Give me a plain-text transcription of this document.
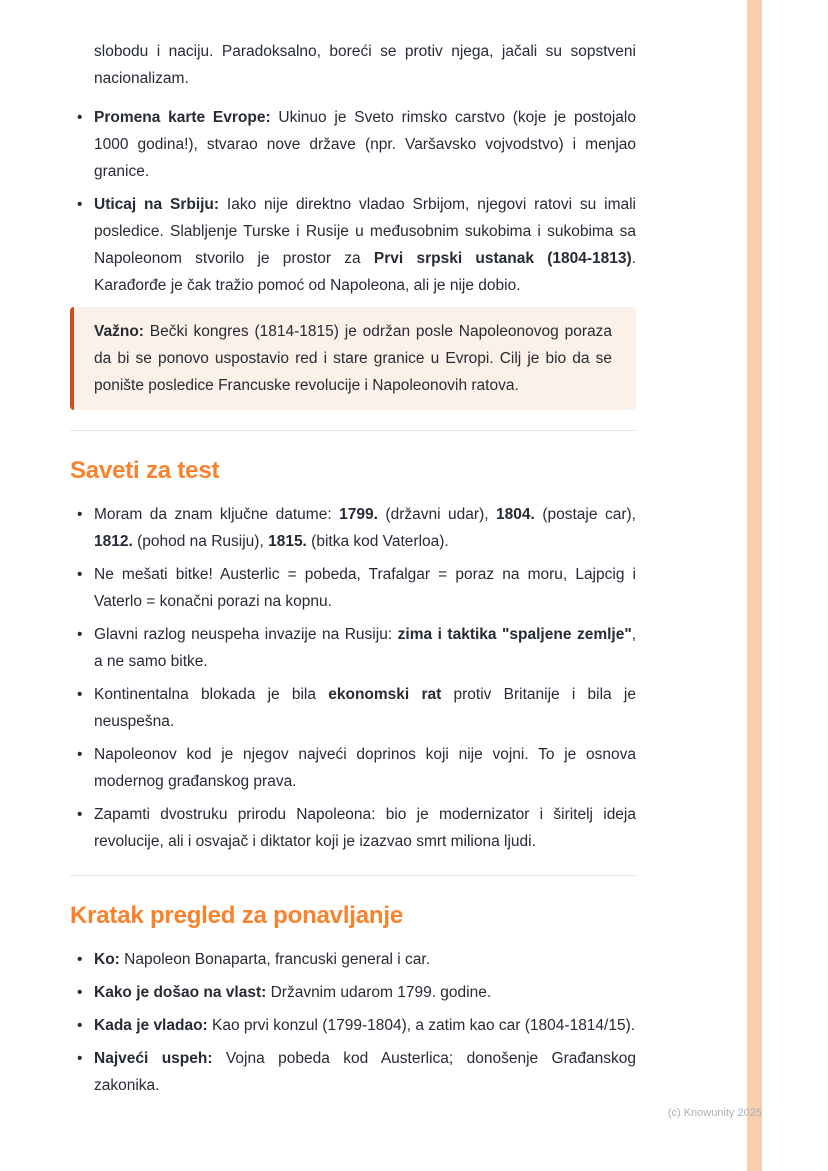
slobodu i naciju. Paradoksalno, boreći se protiv njega, jačali su sopstveni nacionalizam.

• Promena karte Evrope: Ukinuo je Sveto rimsko carstvo (koje je postojalo 1000 godina!), stvarao nove države (npr. Varšavsko vojvodstvo) i menjao granice.
• Uticaj na Srbiju: Iako nije direktno vladao Srbijom, njegovi ratovi su imali posledice. Slabljenje Turske i Rusije u međusobnim sukobima i sukobima sa Napoleonom stvorilo je prostor za Prvi srpski ustanak (1804-1813). Karađorđe je čak tražio pomoć od Napoleona, ali je nije dobio.

Važno: Bečki kongres (1814-1815) je održan posle Napoleonovog poraza da bi se ponovo uspostavio red i stare granice u Evropi. Cilj je bio da se ponište posledice Francuske revolucije i Napoleonovih ratova.

Saveti za test
• Moram da znam ključne datume: 1799. (državni udar), 1804. (postaje car), 1812. (pohod na Rusiju), 1815. (bitka kod Vaterloa).
• Ne mešati bitke! Austerlic = pobeda, Trafalgar = poraz na moru, Lajpcig i Vaterlo = konačni porazi na kopnu.
• Glavni razlog neuspeha invazije na Rusiju: zima i taktika "spaljene zemlje", a ne samo bitke.
• Kontinentalna blokada je bila ekonomski rat protiv Britanije i bila je neuspešna.
• Napoleonov kod je njegov najveći doprinos koji nije vojni. To je osnova modernog građanskog prava.
• Zapamti dvostruku prirodu Napoleona: bio je modernizator i širitelj ideja revolucije, ali i osvajač i diktator koji je izazvao smrt miliona ljudi.
Kratak pregled za ponavljanje
• Ko: Napoleon Bonaparta, francuski general i car.
• Kako je došao na vlast: Državnim udarom 1799. godine.
• Kada je vladao: Kao prvi konzul (1799-1804), a zatim kao car (1804-1814/15).
• Najveći uspeh: Vojna pobeda kod Austerlica; donošenje Građanskog zakonika.
(c) Knowunity 2025
